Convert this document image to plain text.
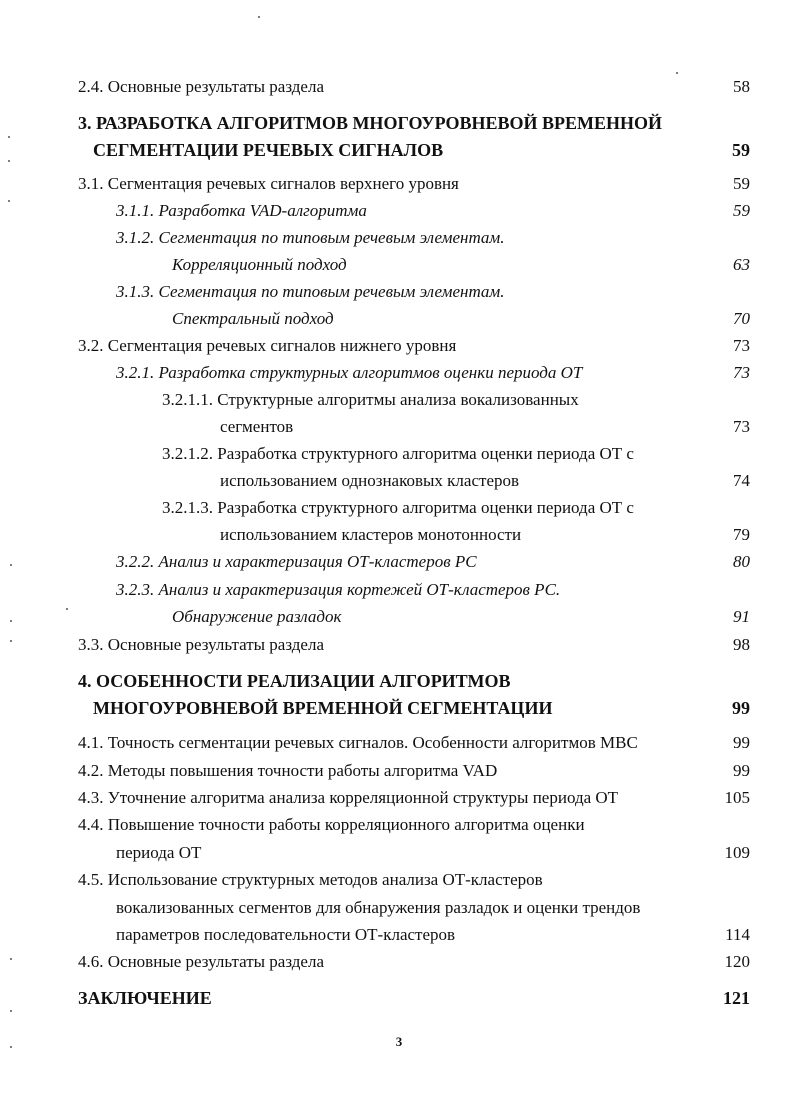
2.4. Основные результаты раздела	58
3. РАЗРАБОТКА АЛГОРИТМОВ МНОГОУРОВНЕВОЙ ВРЕМЕННОЙ
СЕГМЕНТАЦИИ РЕЧЕВЫХ СИГНАЛОВ	59
3.1. Сегментация речевых сигналов верхнего уровня	59
3.1.1. Разработка VAD-алгоритма	59
3.1.2. Сегментация по типовым речевым элементам.
Корреляционный подход	63
3.1.3. Сегментация по типовым речевым элементам.
Спектральный подход	70
3.2. Сегментация речевых сигналов нижнего уровня	73
3.2.1. Разработка структурных алгоритмов оценки периода ОТ	73
3.2.1.1. Структурные алгоритмы анализа вокализованных
сегментов	73
3.2.1.2. Разработка структурного алгоритма оценки периода ОТ с
использованием однознаковых кластеров	74
3.2.1.3. Разработка структурного алгоритма оценки периода ОТ с
использованием кластеров монотонности	79
3.2.2. Анализ и характеризация ОТ-кластеров РС	80
3.2.3. Анализ и характеризация кортежей ОТ-кластеров РС.
Обнаружение разладок	91
3.3. Основные результаты раздела	98
4. ОСОБЕННОСТИ РЕАЛИЗАЦИИ АЛГОРИТМОВ
МНОГОУРОВНЕВОЙ ВРЕМЕННОЙ СЕГМЕНТАЦИИ	99
4.1. Точность сегментации речевых сигналов. Особенности алгоритмов МВС	99
4.2. Методы повышения точности работы алгоритма VAD	99
4.3. Уточнение алгоритма анализа корреляционной структуры периода ОТ	105
4.4. Повышение точности работы корреляционного алгоритма оценки
периода ОТ	109
4.5. Использование структурных методов анализа ОТ-кластеров
вокализованных сегментов для обнаружения разладок и оценки трендов
параметров последовательности ОТ-кластеров	114
4.6. Основные результаты раздела	120
ЗАКЛЮЧЕНИЕ	121
3
